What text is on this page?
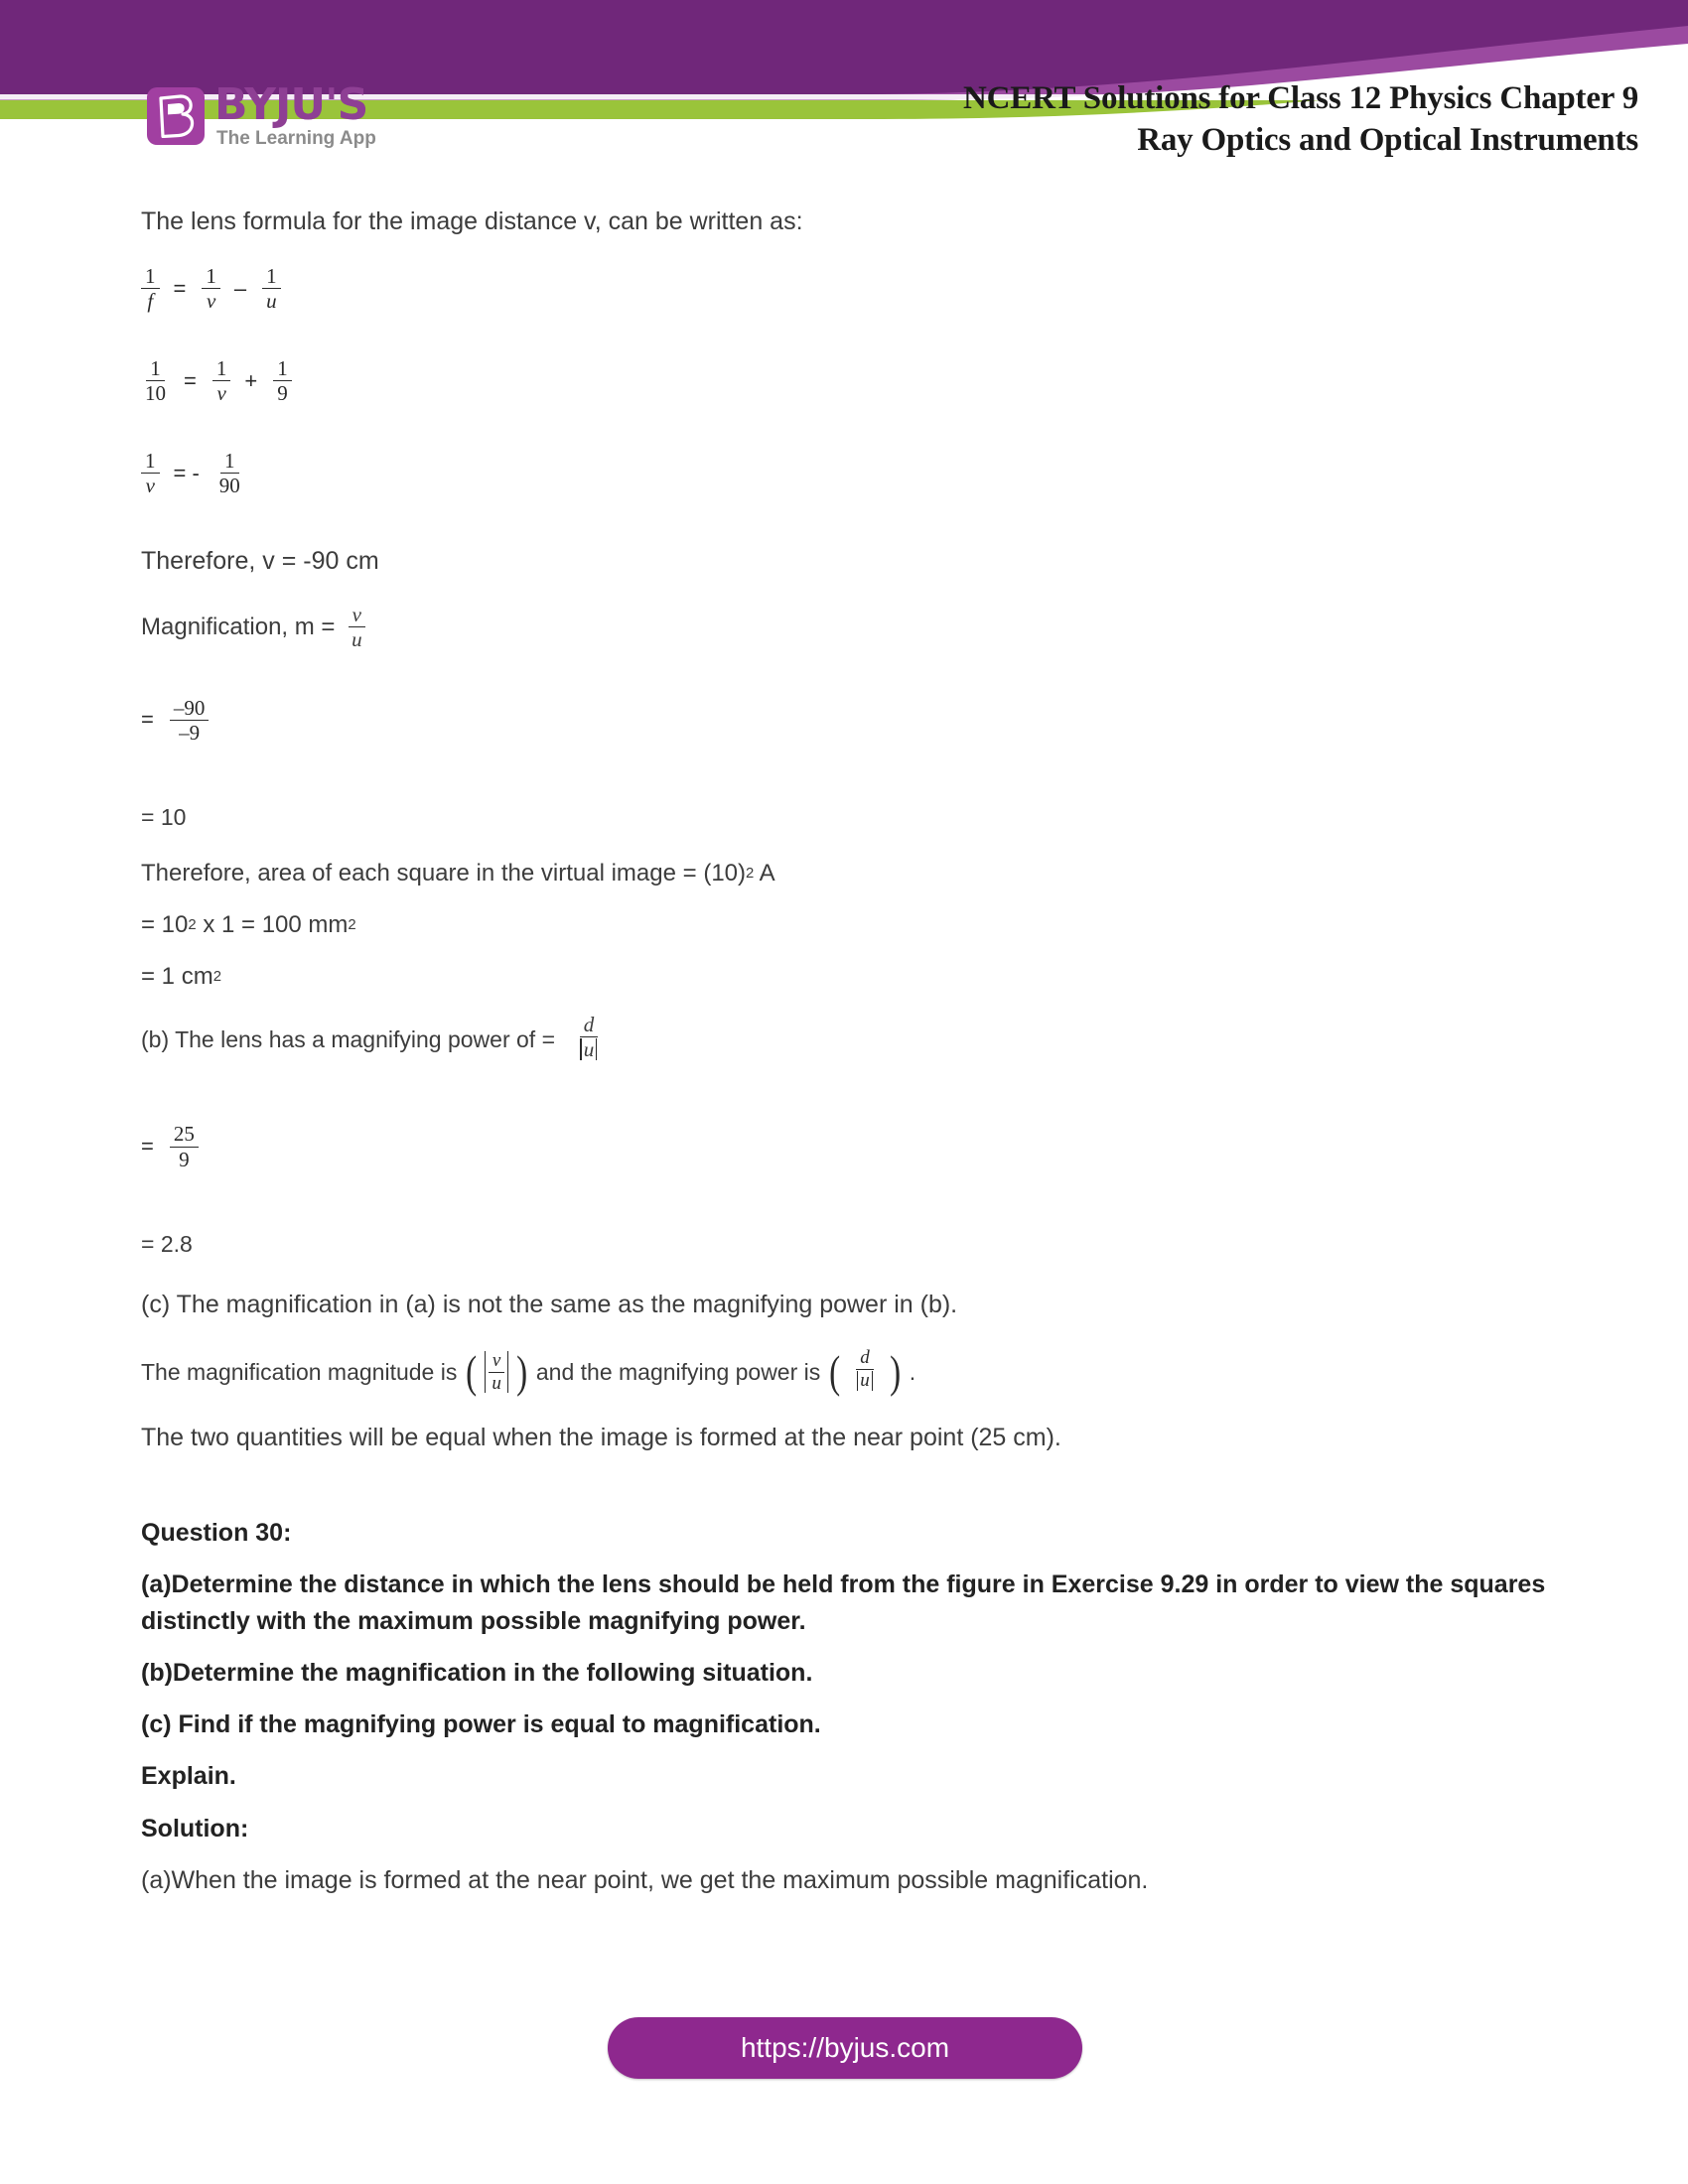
BYJU'S
The Learning App
NCERT Solutions for Class 12 Physics Chapter 9
Ray Optics and Optical Instruments

The lens formula for the image distance v, can be written as:

$\frac{1}{f} = \frac{1}{v} - \frac{1}{u}$
$\frac{1}{10} = \frac{1}{v} + \frac{1}{9}$
$\frac{1}{v}$ = - $\frac{1}{90}$

Therefore, v = -90 cm

Magnification, $m = \frac{v}{u}$
= $\frac{-90}{-9}$

= 10

Therefore, area of each square in the virtual image = (10) 2 A
= 10 2 x 1 = 100 mm 2
= 1 cm 2
(b) The lens has a magnifying power of = $\frac{d}{u}$
= $\frac{25}{9}$

= 2.8

(c) The magnification in (a) is not the same as the magnifying power in (b).

The magnification magnitude is ( $\frac{v}{u}$ ) and the magnifying power is ( $\frac{d}{u}$ ) .

The two quantities will be equal when the image is formed at the near point (25 cm).

Question 30:

(a)Determine the distance in which the lens should be held from the figure in Exercise 9.29 in order to view the squares distinctly with the maximum possible magnifying power.

(b)Determine the magnification in the following situation.

(c) Find if the magnifying power is equal to magnification.

Explain.

Solution:

(a)When the image is formed at the near point, we get the maximum possible magnification.

https://byjus.com
